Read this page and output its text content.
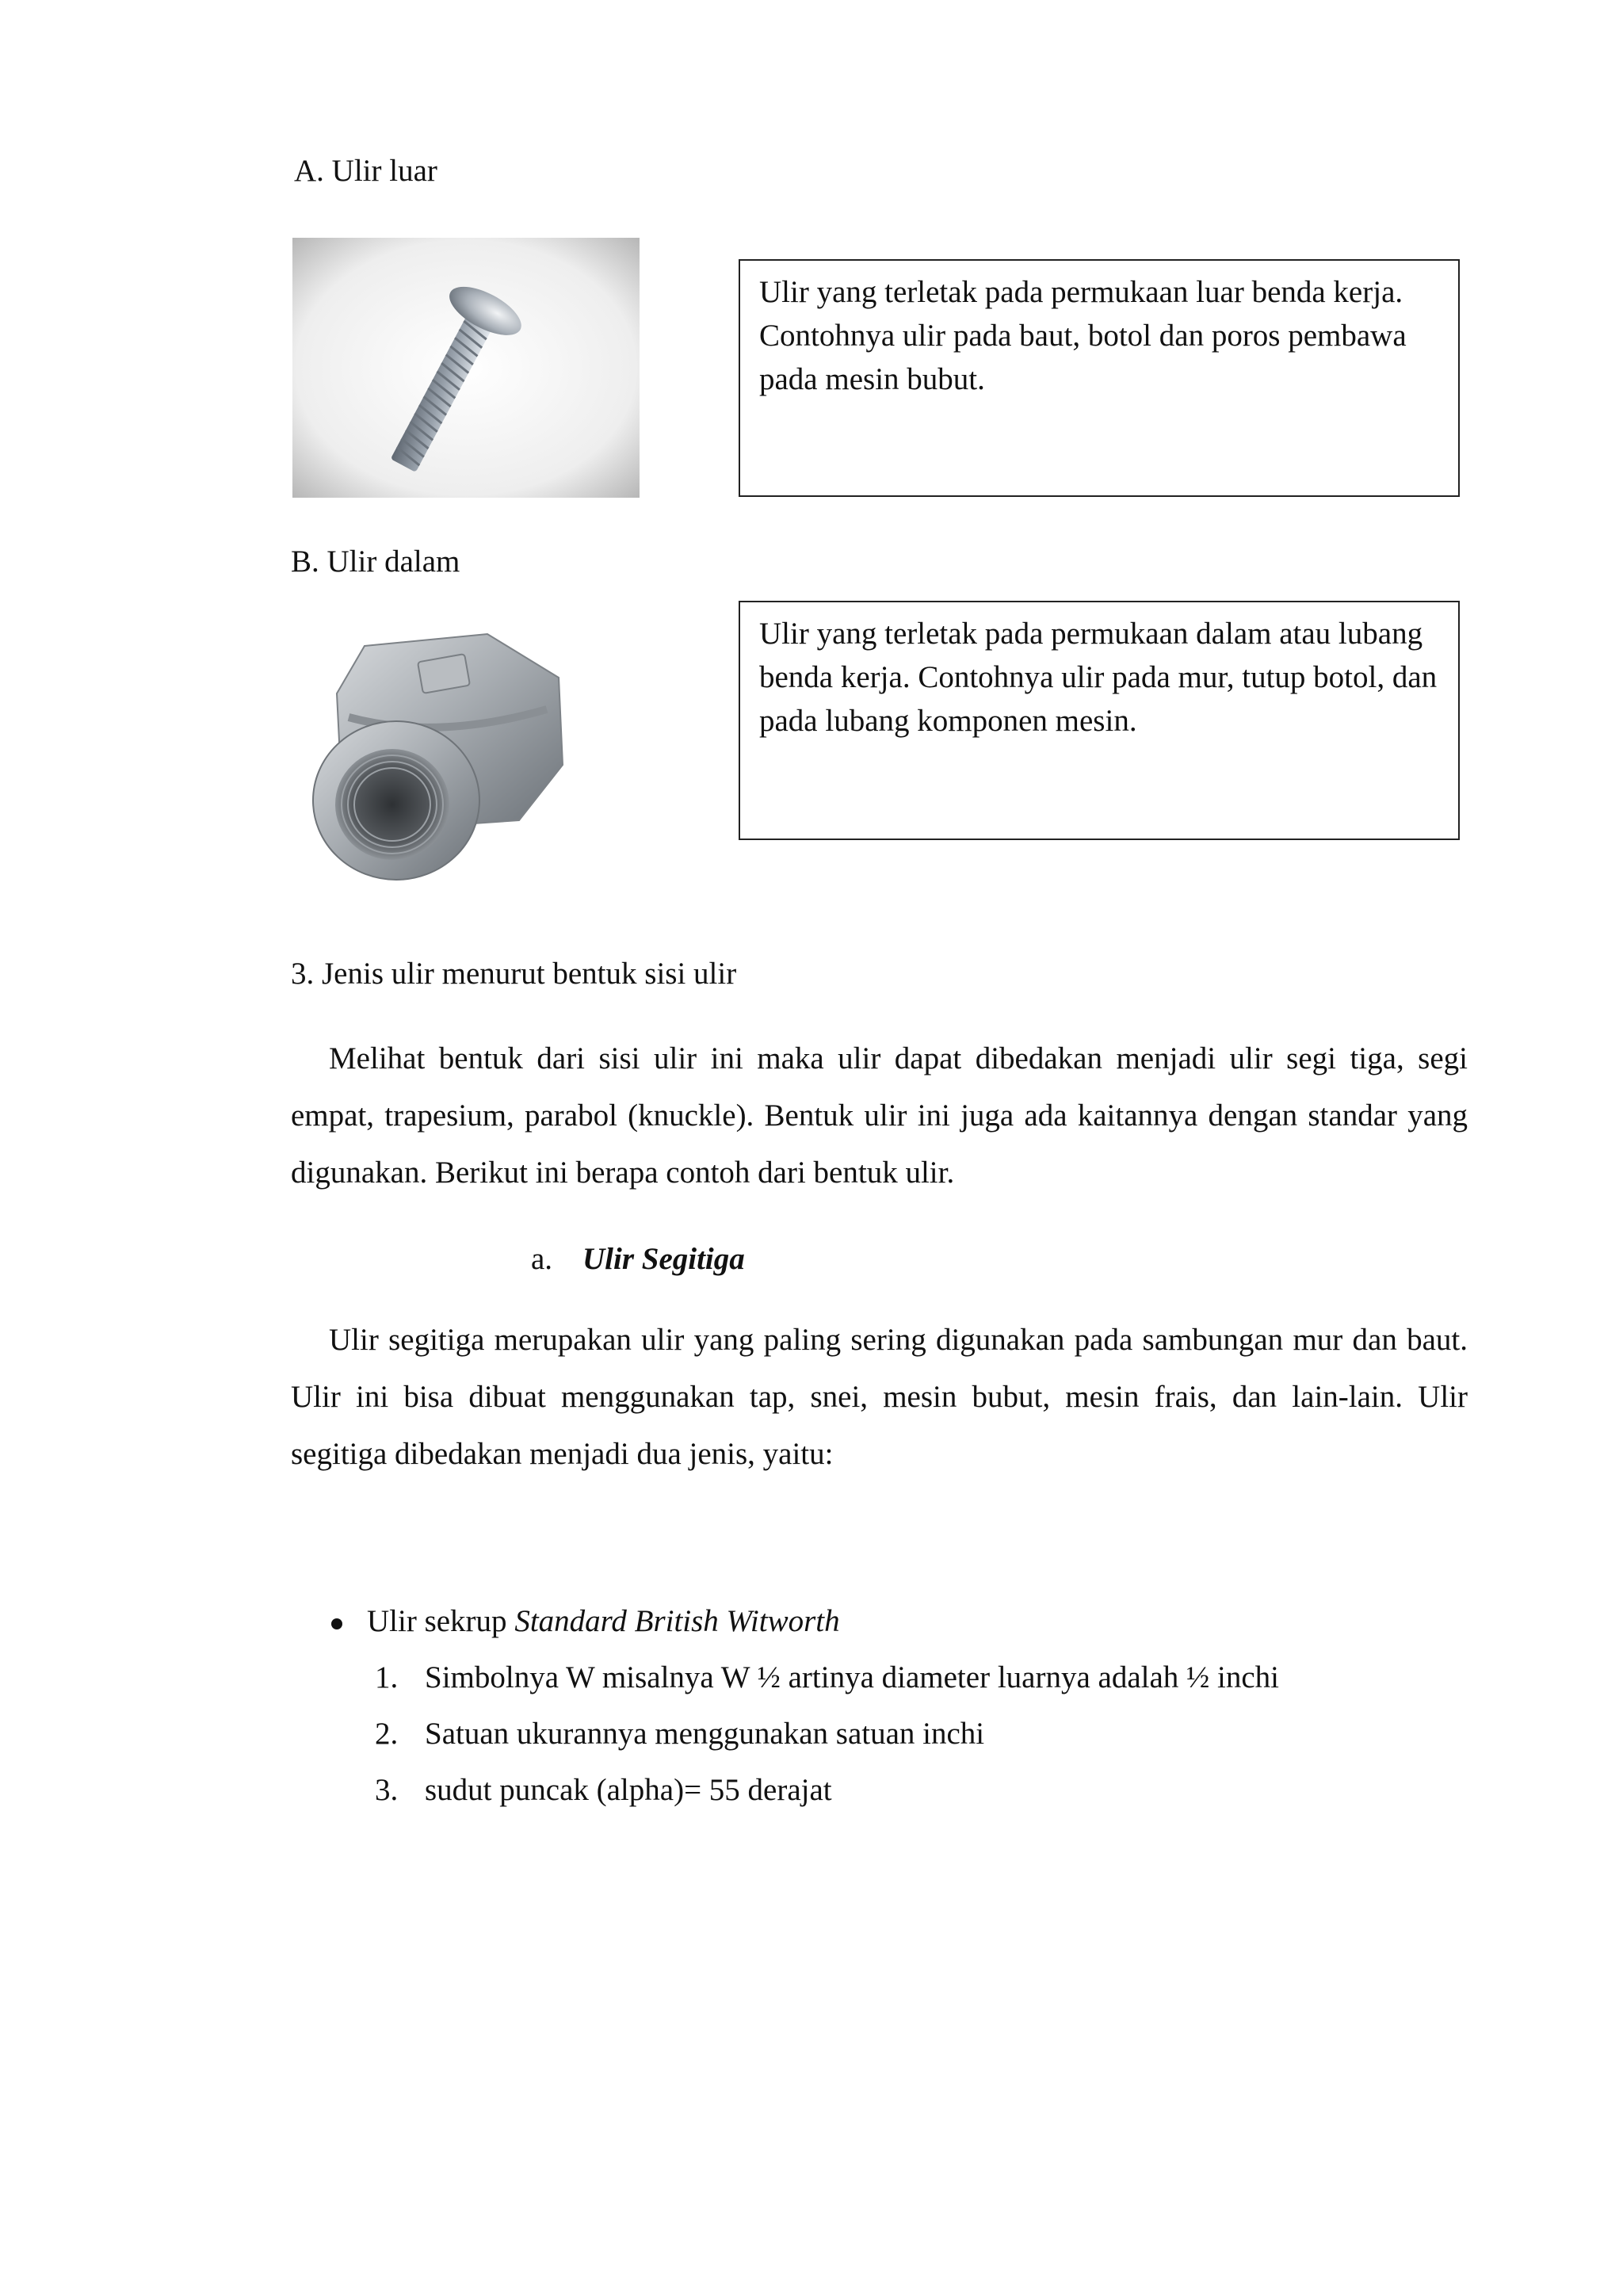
A. Ulir luar
Ulir yang terletak pada permukaan luar benda kerja. Contohnya ulir pada baut, botol dan poros pembawa pada mesin bubut.
B. Ulir dalam
Ulir yang terletak pada permukaan dalam atau lubang benda kerja. Contohnya ulir pada mur, tutup botol, dan pada lubang komponen mesin.
3. Jenis ulir menurut bentuk sisi ulir
Melihat bentuk dari sisi ulir ini maka ulir dapat dibedakan menjadi ulir segi tiga, segi empat, trapesium, parabol (knuckle). Bentuk ulir ini juga ada kaitannya dengan standar yang digunakan. Berikut ini berapa contoh dari bentuk ulir.
a. Ulir Segitiga
Ulir segitiga merupakan ulir yang paling sering digunakan pada sambungan mur dan baut. Ulir ini bisa dibuat menggunakan tap, snei, mesin bubut, mesin frais, dan lain-lain. Ulir segitiga dibedakan menjadi dua jenis, yaitu:
Ulir sekrup Standard British Witworth
1. Simbolnya W misalnya W ½ artinya diameter luarnya adalah ½ inchi
2. Satuan ukurannya menggunakan satuan inchi
3. sudut puncak (alpha)= 55 derajat
